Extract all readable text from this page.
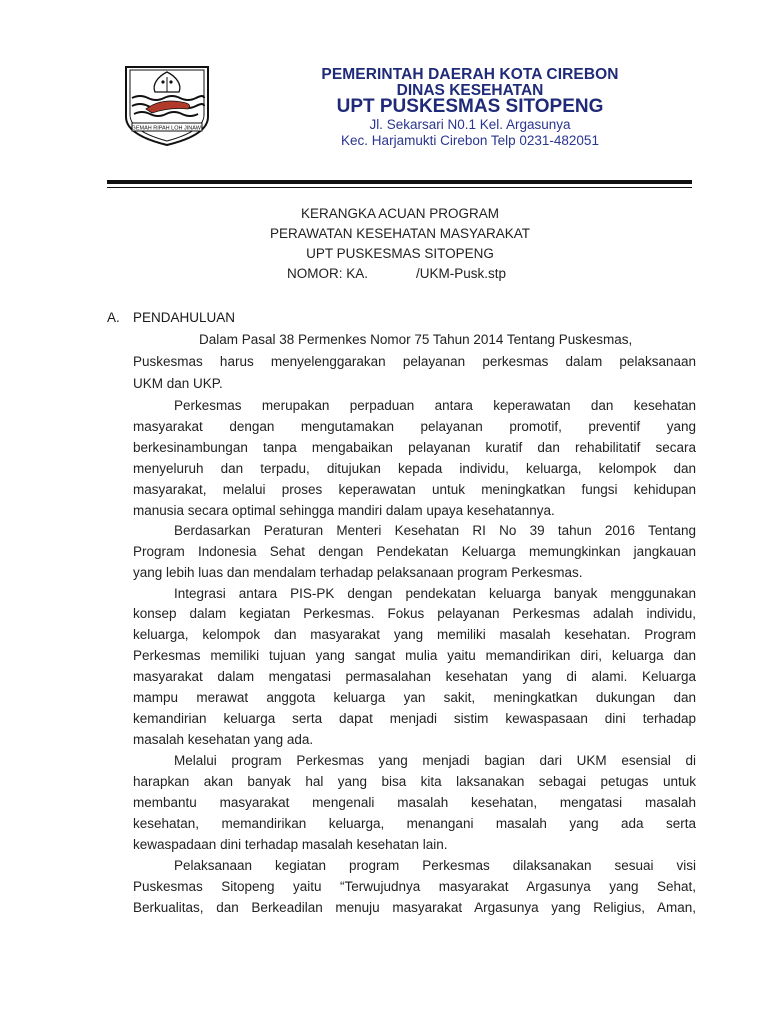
GEMAH RIPAH LOH JINAWI
PEMERINTAH DAERAH KOTA CIREBON
DINAS KESEHATAN
UPT PUSKESMAS SITOPENG
Jl. Sekarsari N0.1 Kel. Argasunya
Kec. Harjamukti Cirebon Telp 0231-482051
KERANGKA ACUAN PROGRAM
PERAWATAN KESEHATAN MASYARAKAT
UPT PUSKESMAS SITOPENG
NOMOR: KA.	/UKM-Pusk.stp
A. PENDAHULUAN
Dalam Pasal 38 Permenkes Nomor 75 Tahun 2014 Tentang Puskesmas,
Puskesmas harus menyelenggarakan pelayanan perkesmas dalam pelaksanaan
UKM dan UKP.
Perkesmas merupakan perpaduan antara keperawatan dan kesehatan
masyarakat dengan mengutamakan pelayanan promotif, preventif yang
berkesinambungan tanpa mengabaikan pelayanan kuratif dan rehabilitatif secara
menyeluruh dan terpadu, ditujukan kepada individu, keluarga, kelompok dan
masyarakat, melalui proses keperawatan untuk meningkatkan fungsi kehidupan
manusia secara optimal sehingga mandiri dalam upaya kesehatannya.
Berdasarkan Peraturan Menteri Kesehatan RI No 39 tahun 2016 Tentang
Program Indonesia Sehat dengan Pendekatan Keluarga memungkinkan jangkauan
yang lebih luas dan mendalam terhadap pelaksanaan program Perkesmas.
Integrasi antara PIS-PK dengan pendekatan keluarga banyak menggunakan
konsep dalam kegiatan Perkesmas. Fokus pelayanan Perkesmas adalah individu,
keluarga, kelompok dan masyarakat yang memiliki masalah kesehatan. Program
Perkesmas memiliki tujuan yang sangat mulia yaitu memandirikan diri, keluarga dan
masyarakat dalam mengatasi permasalahan kesehatan yang di alami. Keluarga
mampu merawat anggota keluarga yan sakit, meningkatkan dukungan dan
kemandirian keluarga serta dapat menjadi sistim kewaspasaan dini terhadap
masalah kesehatan yang ada.
Melalui program Perkesmas yang menjadi bagian dari UKM esensial di
harapkan akan banyak hal yang bisa kita laksanakan sebagai petugas untuk
membantu masyarakat mengenali masalah kesehatan, mengatasi masalah
kesehatan, memandirikan keluarga, menangani masalah yang ada serta
kewaspadaan dini terhadap masalah kesehatan lain.
Pelaksanaan kegiatan program Perkesmas dilaksanakan sesuai visi
Puskesmas Sitopeng yaitu “Terwujudnya masyarakat Argasunya yang Sehat,
Berkualitas, dan Berkeadilan menuju masyarakat Argasunya yang Religius, Aman,
